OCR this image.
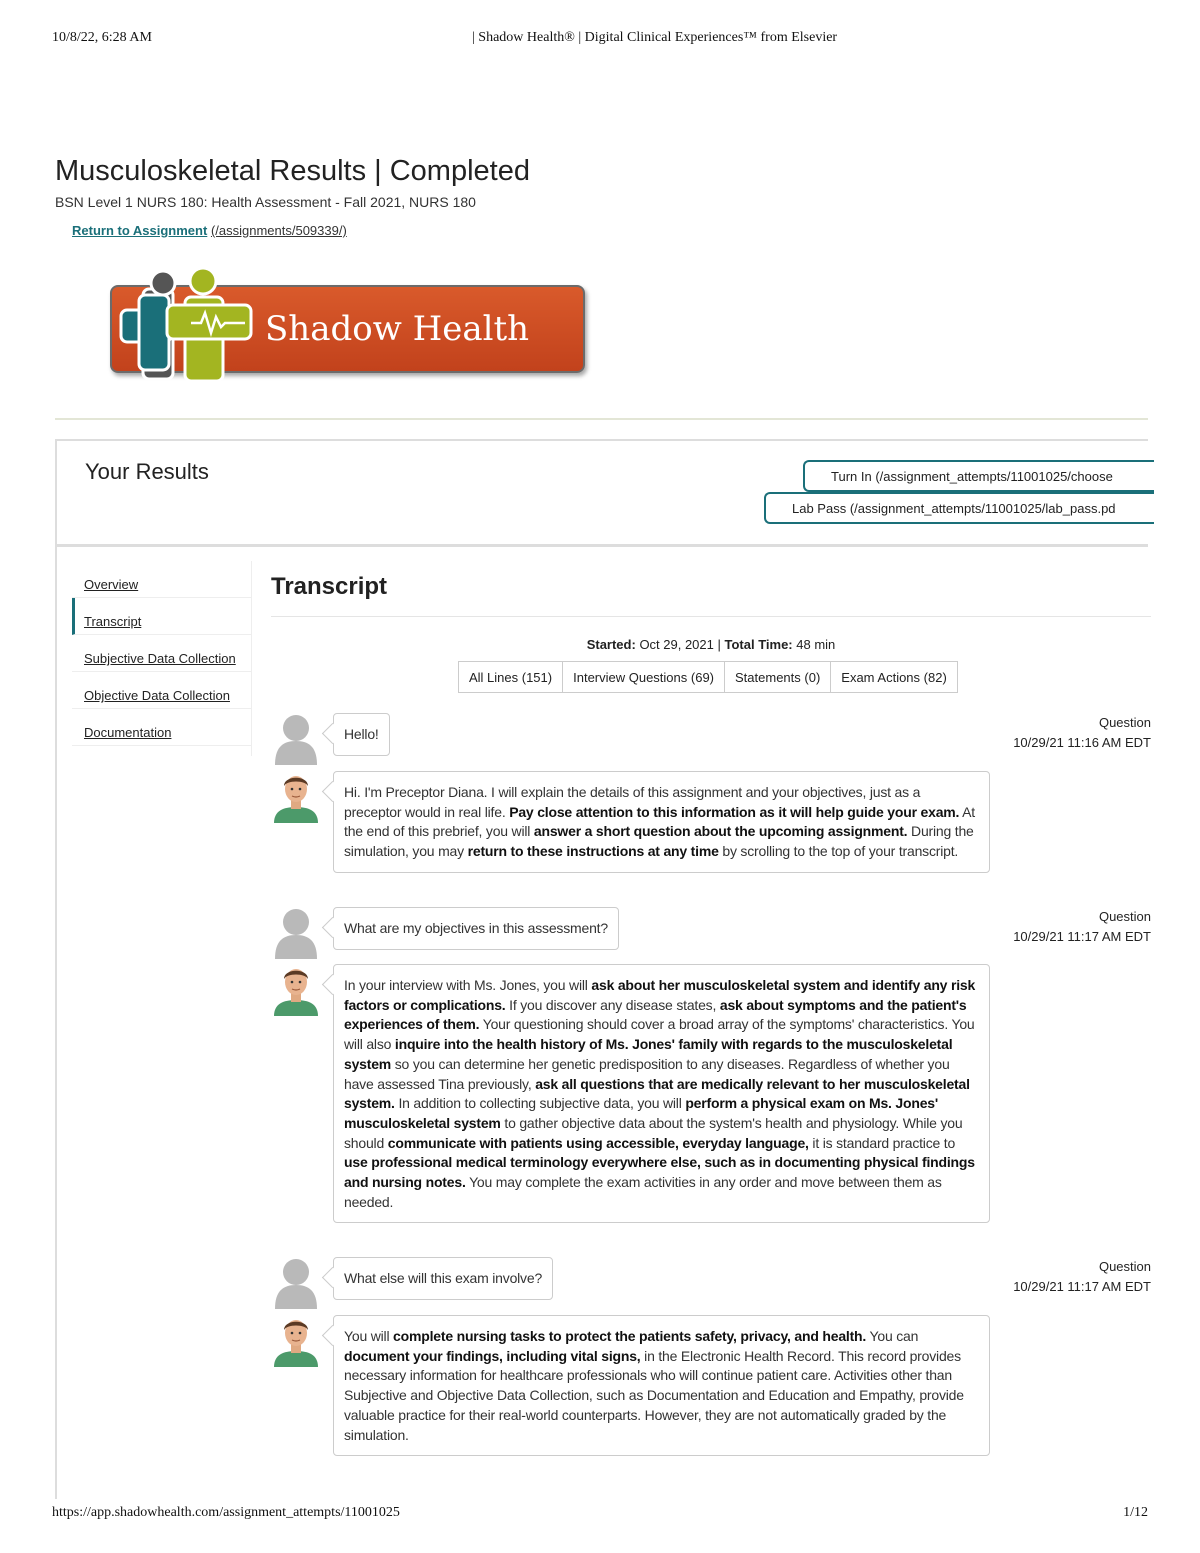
10/8/22, 6:28 AM	| Shadow Health® | Digital Clinical Experiences™ from Elsevier
Musculoskeletal Results | Completed
BSN Level 1 NURS 180: Health Assessment - Fall 2021, NURS 180
Return to Assignment (/assignments/509339/)
Shadow Health
Your Results	Turn In (/assignment_attempts/11001025/choose
Lab Pass (/assignment_attempts/11001025/lab_pass.pd
Overview
Transcript
Subjective Data Collection
Objective Data Collection
Documentation
Transcript
Started: Oct 29, 2021 | Total Time: 48 min
All Lines (151)	Interview Questions (69)	Statements (0)	Exam Actions (82)
Hello!
Question
10/29/21 11:16 AM EDT
Hi. I'm Preceptor Diana. I will explain the details of this assignment and your objectives, just as a preceptor would in real life. Pay close attention to this information as it will help guide your exam. At the end of this prebrief, you will answer a short question about the upcoming assignment. During the simulation, you may return to these instructions at any time by scrolling to the top of your transcript.
What are my objectives in this assessment?
Question
10/29/21 11:17 AM EDT
In your interview with Ms. Jones, you will ask about her musculoskeletal system and identify any risk factors or complications. If you discover any disease states, ask about symptoms and the patient's experiences of them. Your questioning should cover a broad array of the symptoms' characteristics. You will also inquire into the health history of Ms. Jones' family with regards to the musculoskeletal system so you can determine her genetic predisposition to any diseases. Regardless of whether you have assessed Tina previously, ask all questions that are medically relevant to her musculoskeletal system. In addition to collecting subjective data, you will perform a physical exam on Ms. Jones' musculoskeletal system to gather objective data about the system's health and physiology. While you should communicate with patients using accessible, everyday language, it is standard practice to use professional medical terminology everywhere else, such as in documenting physical findings and nursing notes. You may complete the exam activities in any order and move between them as needed.
What else will this exam involve?
Question
10/29/21 11:17 AM EDT
You will complete nursing tasks to protect the patients safety, privacy, and health. You can document your findings, including vital signs, in the Electronic Health Record. This record provides necessary information for healthcare professionals who will continue patient care. Activities other than Subjective and Objective Data Collection, such as Documentation and Education and Empathy, provide valuable practice for their real-world counterparts. However, they are not automatically graded by the simulation.
https://app.shadowhealth.com/assignment_attempts/11001025	1/12
